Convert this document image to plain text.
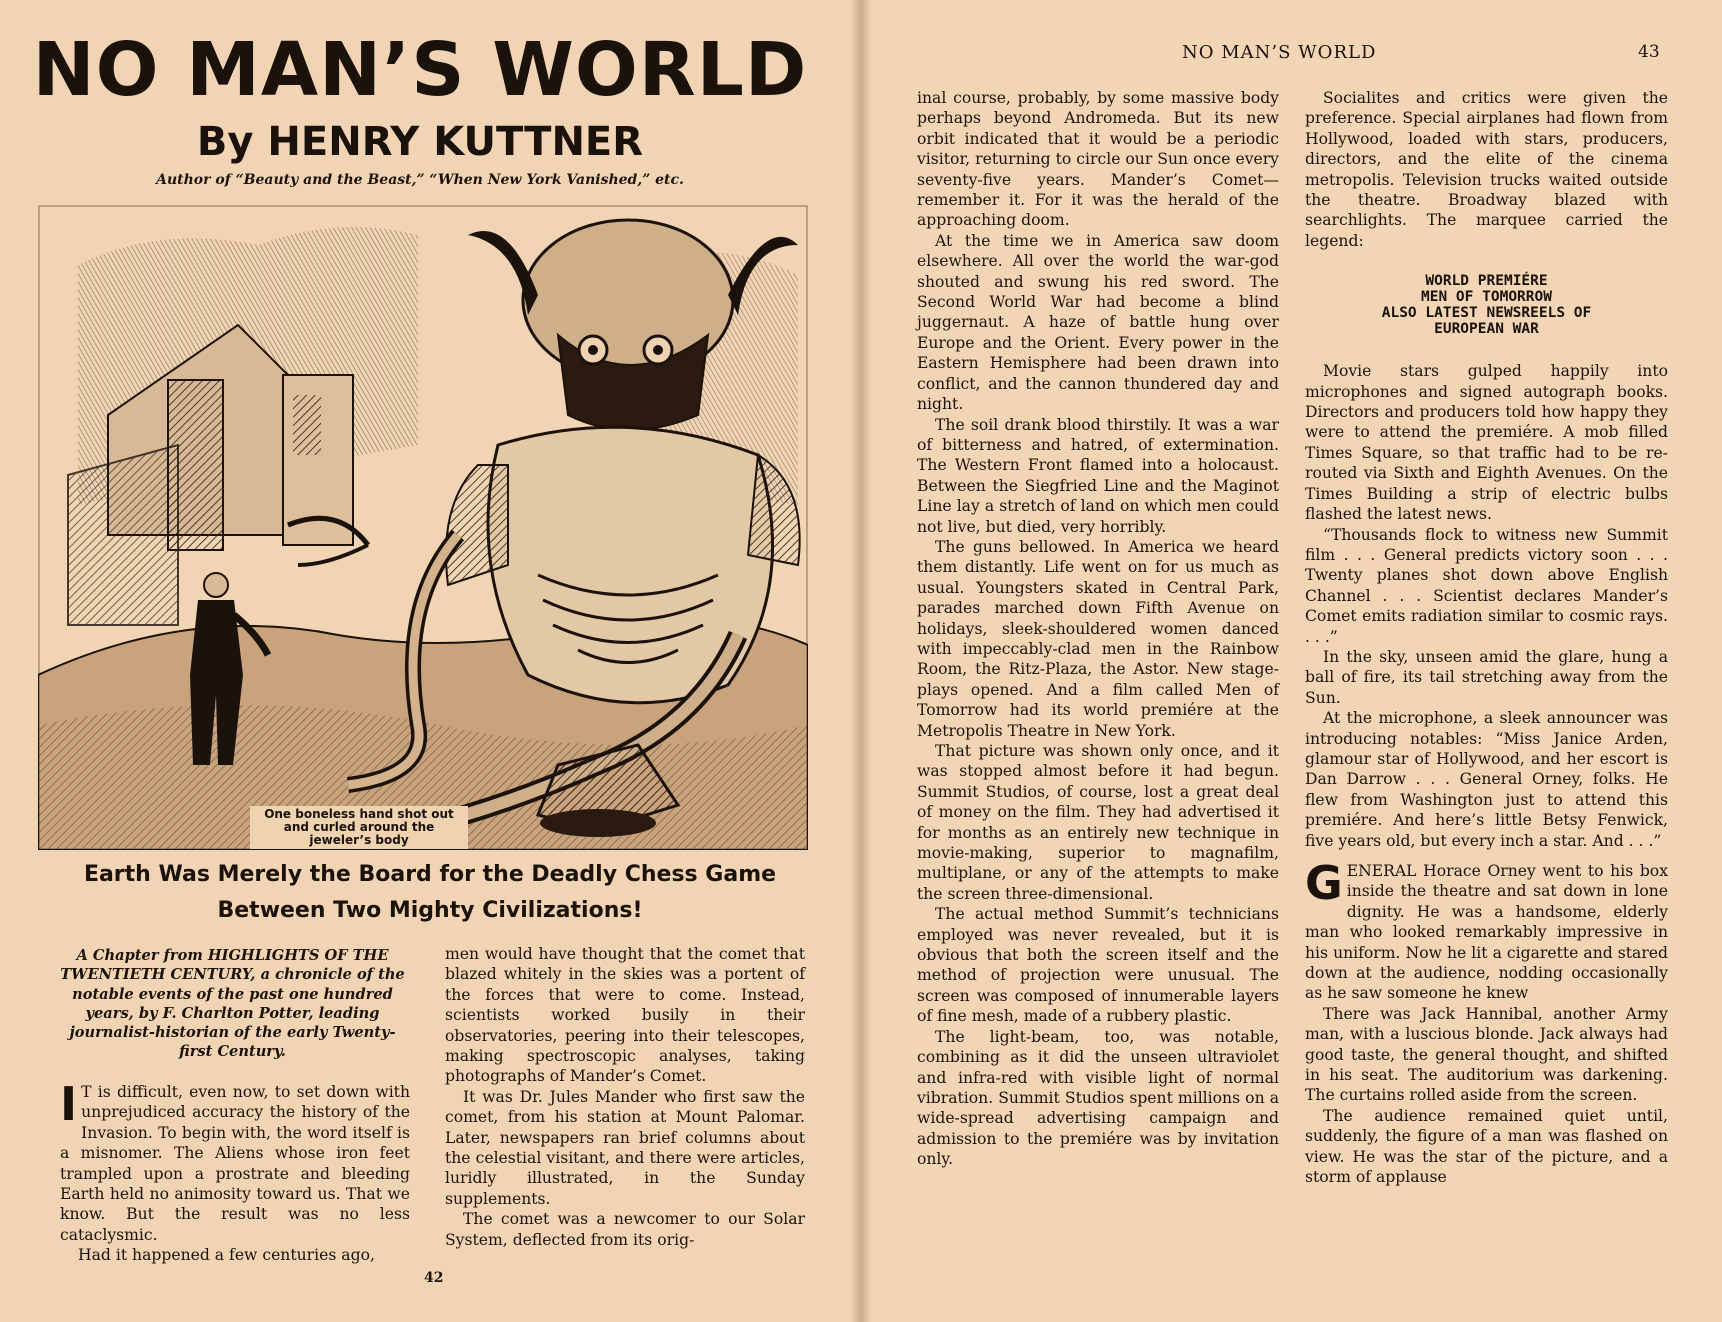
NO MAN’S WORLD
By HENRY KUTTNER
Author of “Beauty and the Beast,” “When New York Vanished,” etc.
One boneless hand shot out and curled around the jeweler’s body
Earth Was Merely the Board for the Deadly Chess Game
Between Two Mighty Civilizations!
A Chapter from HIGHLIGHTS OF THE TWENTIETH CENTURY, a chronicle of the notable events of the past one hundred years, by F. Charlton Potter, leading journalist-historian of the early Twenty-first Century.

I T is difficult, even now, to set down with unprejudiced accuracy the history of the Invasion. To begin with, the word itself is a misnomer. The Aliens whose iron feet trampled upon a prostrate and bleeding Earth held no animosity toward us. That we know. But the result was no less cataclysmic.

Had it happened a few centuries ago,

men would have thought that the comet that blazed whitely in the skies was a portent of the forces that were to come. Instead, scientists worked busily in their observatories, peering into their telescopes, making spectroscopic analyses, taking photographs of Mander’s Comet.

It was Dr. Jules Mander who first saw the comet, from his station at Mount Palomar. Later, newspapers ran brief columns about the celestial visitant, and there were articles, luridly illustrated, in the Sunday supplements.

The comet was a newcomer to our Solar System, deflected from its orig-

42
NO MAN’S WORLD	43

inal course, probably, by some massive body perhaps beyond Andromeda. But its new orbit indicated that it would be a periodic visitor, returning to circle our Sun once every seventy-five years. Mander’s Comet—remember it. For it was the herald of the approaching doom.

At the time we in America saw doom elsewhere. All over the world the war-god shouted and swung his red sword. The Second World War had become a blind juggernaut. A haze of battle hung over Europe and the Orient. Every power in the Eastern Hemisphere had been drawn into conflict, and the cannon thundered day and night.

The soil drank blood thirstily. It was a war of bitterness and hatred, of extermination. The Western Front flamed into a holocaust. Between the Siegfried Line and the Maginot Line lay a stretch of land on which men could not live, but died, very horribly.

The guns bellowed. In America we heard them distantly. Life went on for us much as usual. Youngsters skated in Central Park, parades marched down Fifth Avenue on holidays, sleek-shouldered women danced with impeccably-clad men in the Rainbow Room, the Ritz-Plaza, the Astor. New stage-plays opened. And a film called Men of Tomorrow had its world premiére at the Metropolis Theatre in New York.

That picture was shown only once, and it was stopped almost before it had begun. Summit Studios, of course, lost a great deal of money on the film. They had advertised it for months as an entirely new technique in movie-making, superior to magnafilm, multiplane, or any of the attempts to make the screen three-dimensional.

The actual method Summit’s technicians employed was never revealed, but it is obvious that both the screen itself and the method of projection were unusual. The screen was composed of innumerable layers of fine mesh, made of a rubbery plastic.

The light-beam, too, was notable, combining as it did the unseen ultraviolet and infra-red with visible light of normal vibration. Summit Studios spent millions on a wide-spread advertising campaign and admission to the premiére was by invitation only.

Socialites and critics were given the preference. Special airplanes had flown from Hollywood, loaded with stars, producers, directors, and the elite of the cinema metropolis. Television trucks waited outside the theatre. Broadway blazed with searchlights. The marquee carried the legend:

WORLD PREMIÉRE
MEN OF TOMORROW
ALSO LATEST NEWSREELS OF
EUROPEAN WAR

Movie stars gulped happily into microphones and signed autograph books. Directors and producers told how happy they were to attend the premiére. A mob filled Times Square, so that traffic had to be re-routed via Sixth and Eighth Avenues. On the Times Building a strip of electric bulbs flashed the latest news.

“Thousands flock to witness new Summit film . . . General predicts victory soon . . . Twenty planes shot down above English Channel . . . Scientist declares Mander’s Comet emits radiation similar to cosmic rays. . . .”

In the sky, unseen amid the glare, hung a ball of fire, its tail stretching away from the Sun.

At the microphone, a sleek announcer was introducing notables: “Miss Janice Arden, glamour star of Hollywood, and her escort is Dan Darrow . . . General Orney, folks. He flew from Washington just to attend this premiére. And here’s little Betsy Fenwick, five years old, but every inch a star. And . . .”

GENERAL Horace Orney went to his box inside the theatre and sat down in lone dignity. He was a handsome, elderly man who looked remarkably impressive in his uniform. Now he lit a cigarette and stared down at the audience, nodding occasionally as he saw someone he knew

There was Jack Hannibal, another Army man, with a luscious blonde. Jack always had good taste, the general thought, and shifted in his seat. The auditorium was darkening. The curtains rolled aside from the screen.

The audience remained quiet until, suddenly, the figure of a man was flashed on view. He was the star of the picture, and a storm of applause
